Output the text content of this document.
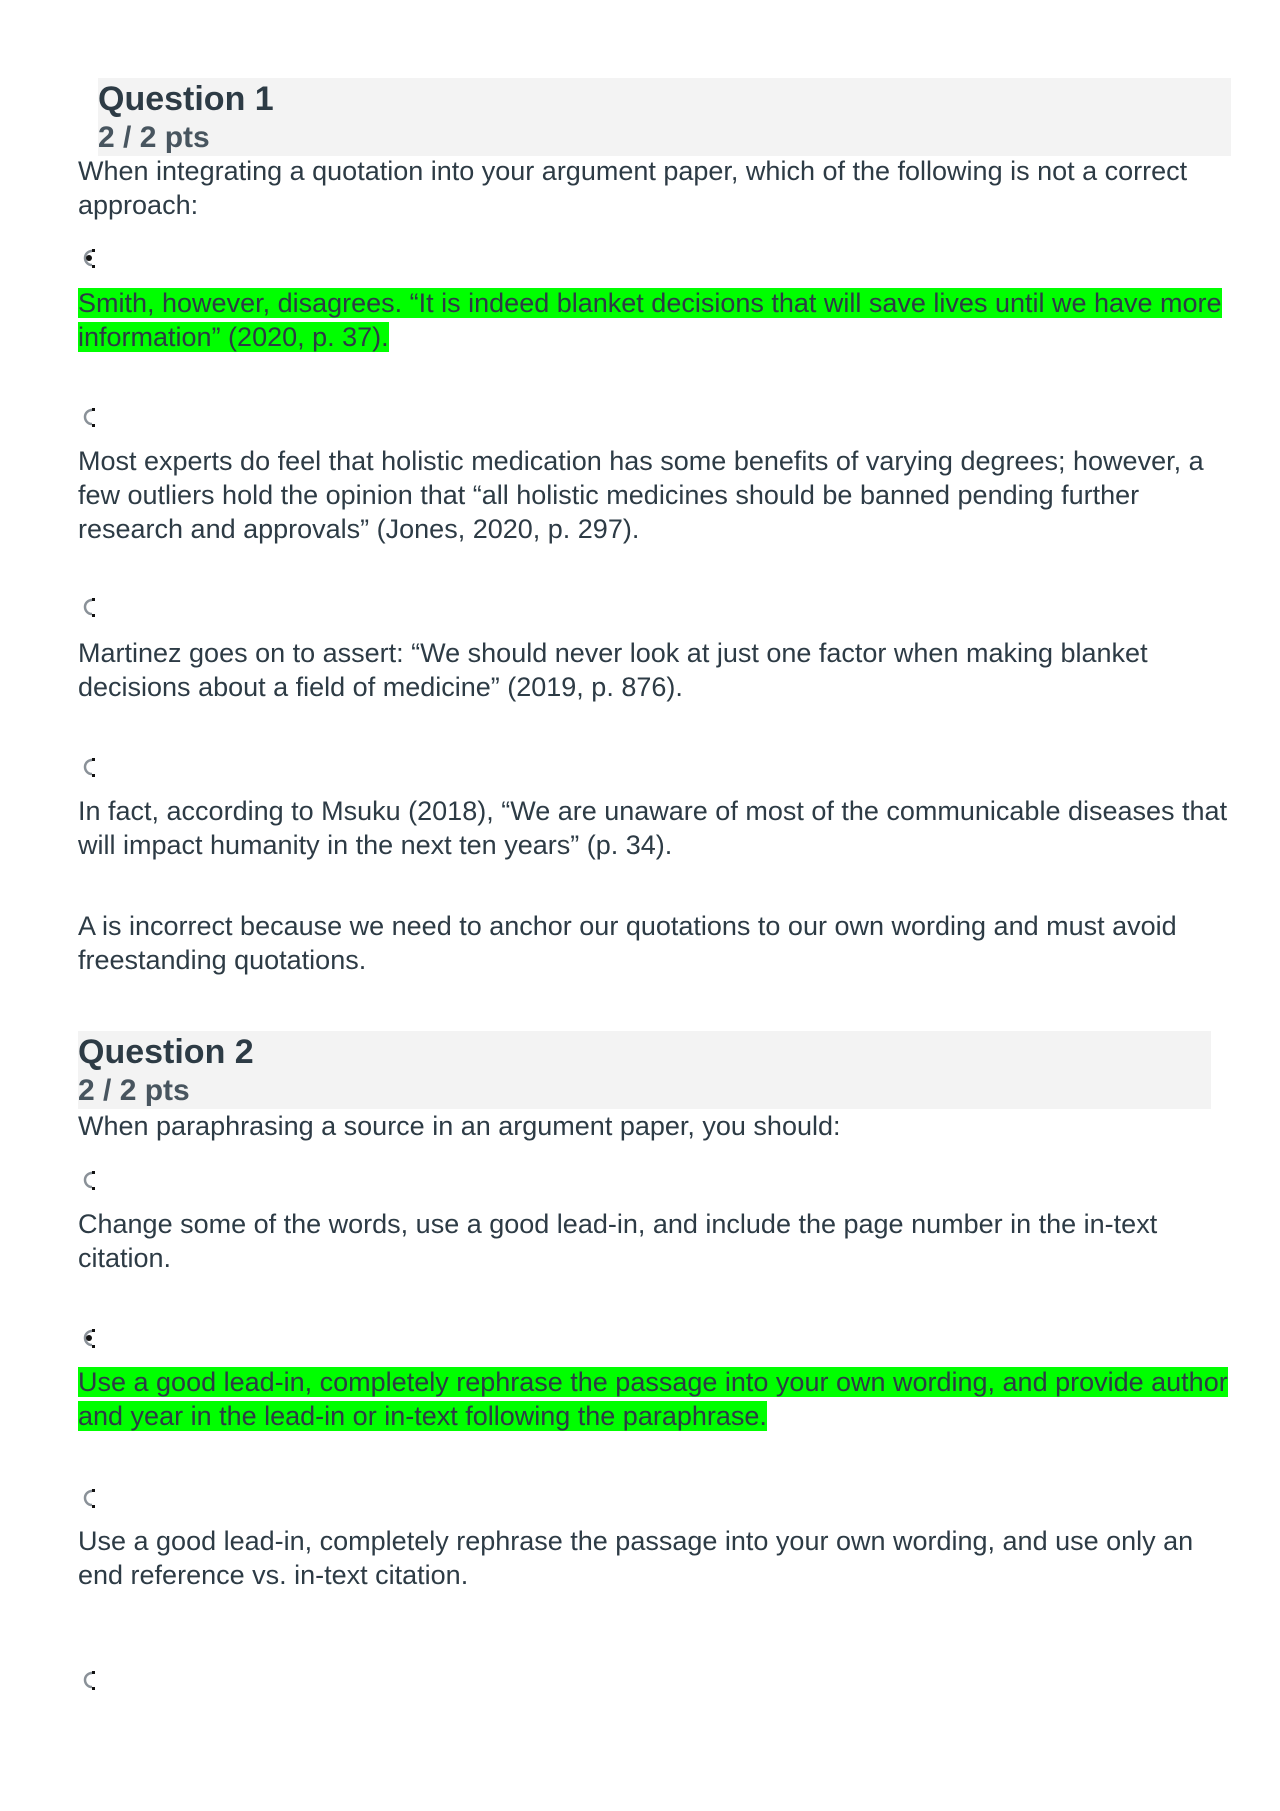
Question 1
2 / 2 pts
When integrating a quotation into your argument paper, which of the following is not a correct approach:
Smith, however, disagrees. “It is indeed blanket decisions that will save lives until we have more information” (2020, p. 37).
Most experts do feel that holistic medication has some benefits of varying degrees; however, a few outliers hold the opinion that “all holistic medicines should be banned pending further research and approvals” (Jones, 2020, p. 297).
Martinez goes on to assert: “We should never look at just one factor when making blanket decisions about a field of medicine” (2019, p. 876).
In fact, according to Msuku (2018), “We are unaware of most of the communicable diseases that will impact humanity in the next ten years” (p. 34).
A is incorrect because we need to anchor our quotations to our own wording and must avoid freestanding quotations.
Question 2
2 / 2 pts
When paraphrasing a source in an argument paper, you should:
Change some of the words, use a good lead-in, and include the page number in the in-text citation.
Use a good lead-in, completely rephrase the passage into your own wording, and provide author and year in the lead-in or in-text following the paraphrase.
Use a good lead-in, completely rephrase the passage into your own wording, and use only an end reference vs. in-text citation.
